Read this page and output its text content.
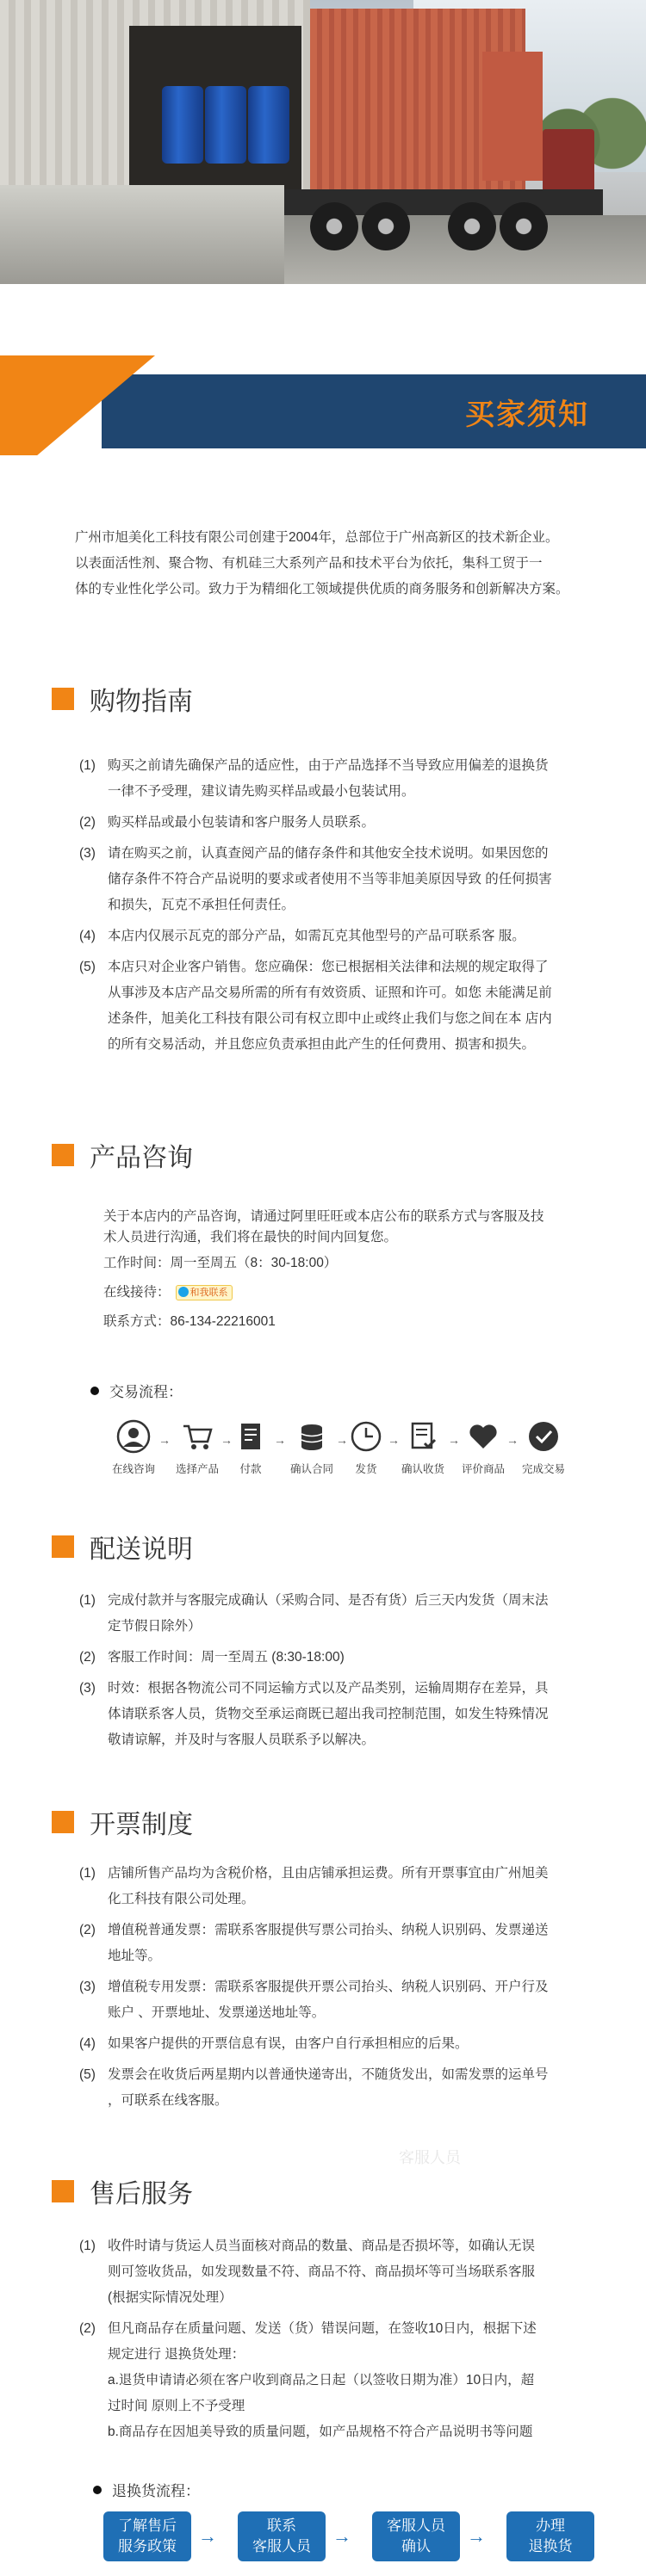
买家须知
广州市旭美化工科技有限公司创建于2004年，总部位于广州高新区的技术新企业。
以表面活性剂、聚合物、有机硅三大系列产品和技术平台为依托，集科工贸于一
体的专业性化学公司。致力于为精细化工领域提供优质的商务服务和创新解决方案。
购物指南
(1) 购买之前请先确保产品的适应性，由于产品选择不当导致应用偏差的退换货
一律不予受理，建议请先购买样品或最小包装试用。
(2) 购买样品或最小包装请和客户服务人员联系。
(3) 请在购买之前，认真查阅产品的储存条件和其他安全技术说明。如果因您的
储存条件不符合产品说明的要求或者使用不当等非旭美原因导致 的任何损害
和损失，瓦克不承担任何责任。
(4) 本店内仅展示瓦克的部分产品，如需瓦克其他型号的产品可联系客 服。
(5) 本店只对企业客户销售。您应确保：您已根据相关法律和法规的规定取得了
从事涉及本店产品交易所需的所有有效资质、证照和许可。如您 未能满足前
述条件，旭美化工科技有限公司有权立即中止或终止我们与您之间在本 店内
的所有交易活动，并且您应负责承担由此产生的任何费用、损害和损失。
产品咨询
关于本店内的产品咨询，请通过阿里旺旺或本店公布的联系方式与客服及技
术人员进行沟通，我们将在最快的时间内回复您。
工作时间：周一至周五（8：30-18:00）
在线接待： 和我联系
联系方式：86-134-22216001
交易流程：
在线咨询
→
选择产品
→
付款
→
确认合同
→
发货
→
确认收货
→
评价商品
→
完成交易
配送说明
(1) 完成付款并与客服完成确认（采购合同、是否有货）后三天内发货（周末法
定节假日除外）
(2) 客服工作时间：周一至周五 (8:30-18:00)
(3) 时效：根据各物流公司不同运输方式以及产品类别，运输周期存在差异，具
体请联系客人员，货物交至承运商既已超出我司控制范围，如发生特殊情况
敬请谅解，并及时与客服人员联系予以解决。
开票制度
(1) 店铺所售产品均为含税价格，且由店铺承担运费。所有开票事宜由广州旭美
化工科技有限公司处理。
(2) 增值税普通发票：需联系客服提供写票公司抬头、纳税人识别码、发票递送
地址等。
(3) 增值税专用发票：需联系客服提供开票公司抬头、纳税人识别码、开户行及
账户 、开票地址、发票递送地址等。
(4) 如果客户提供的开票信息有误，由客户自行承担相应的后果。
(5) 发票会在收货后两星期内以普通快递寄出，不随货发出，如需发票的运单号
，可联系在线客服。
客服人员
售后服务
(1) 收件时请与货运人员当面核对商品的数量、商品是否损坏等，如确认无误
则可签收货品，如发现数量不符、商品不符、商品损坏等可当场联系客服
(根据实际情况处理）
(2) 但凡商品存在质量问题、发送（货）错误问题，在签收10日内，根据下述
规定进行 退换货处理：
a.退货申请请必须在客户收到商品之日起（以签收日期为准）10日内，超
过时间 原则上不予受理
b.商品存在因旭美导致的质量问题，如产品规格不符合产品说明书等问题
退换货流程：
了解售后
服务政策	→	联系
客服人员	→	客服人员
确认	→	办理
退换货
